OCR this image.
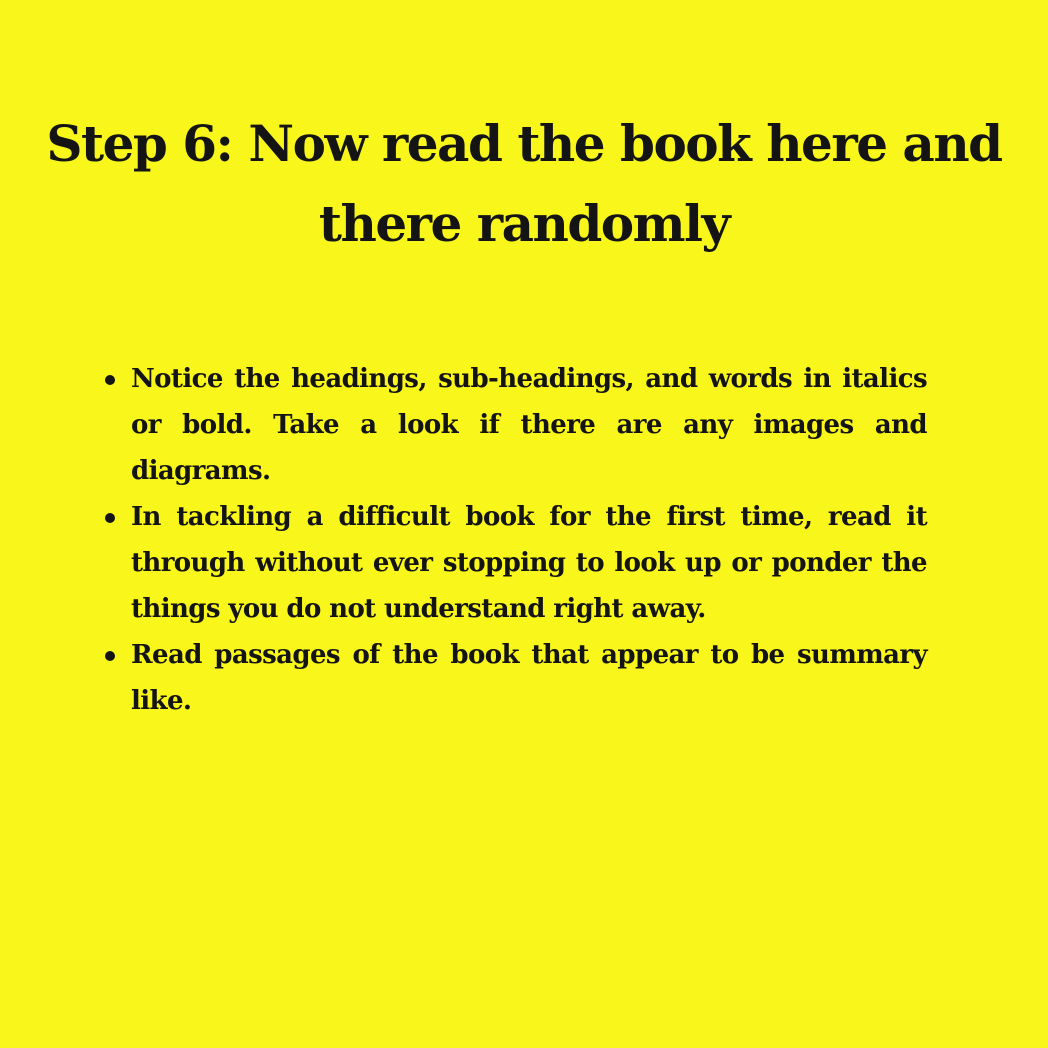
Step 6: Now read the book here and
there randomly
Notice the headings, sub-headings, and words in italics or bold. Take a look if there are any images and diagrams.
In tackling a difficult book for the first time, read it through without ever stopping to look up or ponder the things you do not understand right away.
Read passages of the book that appear to be summary like.
